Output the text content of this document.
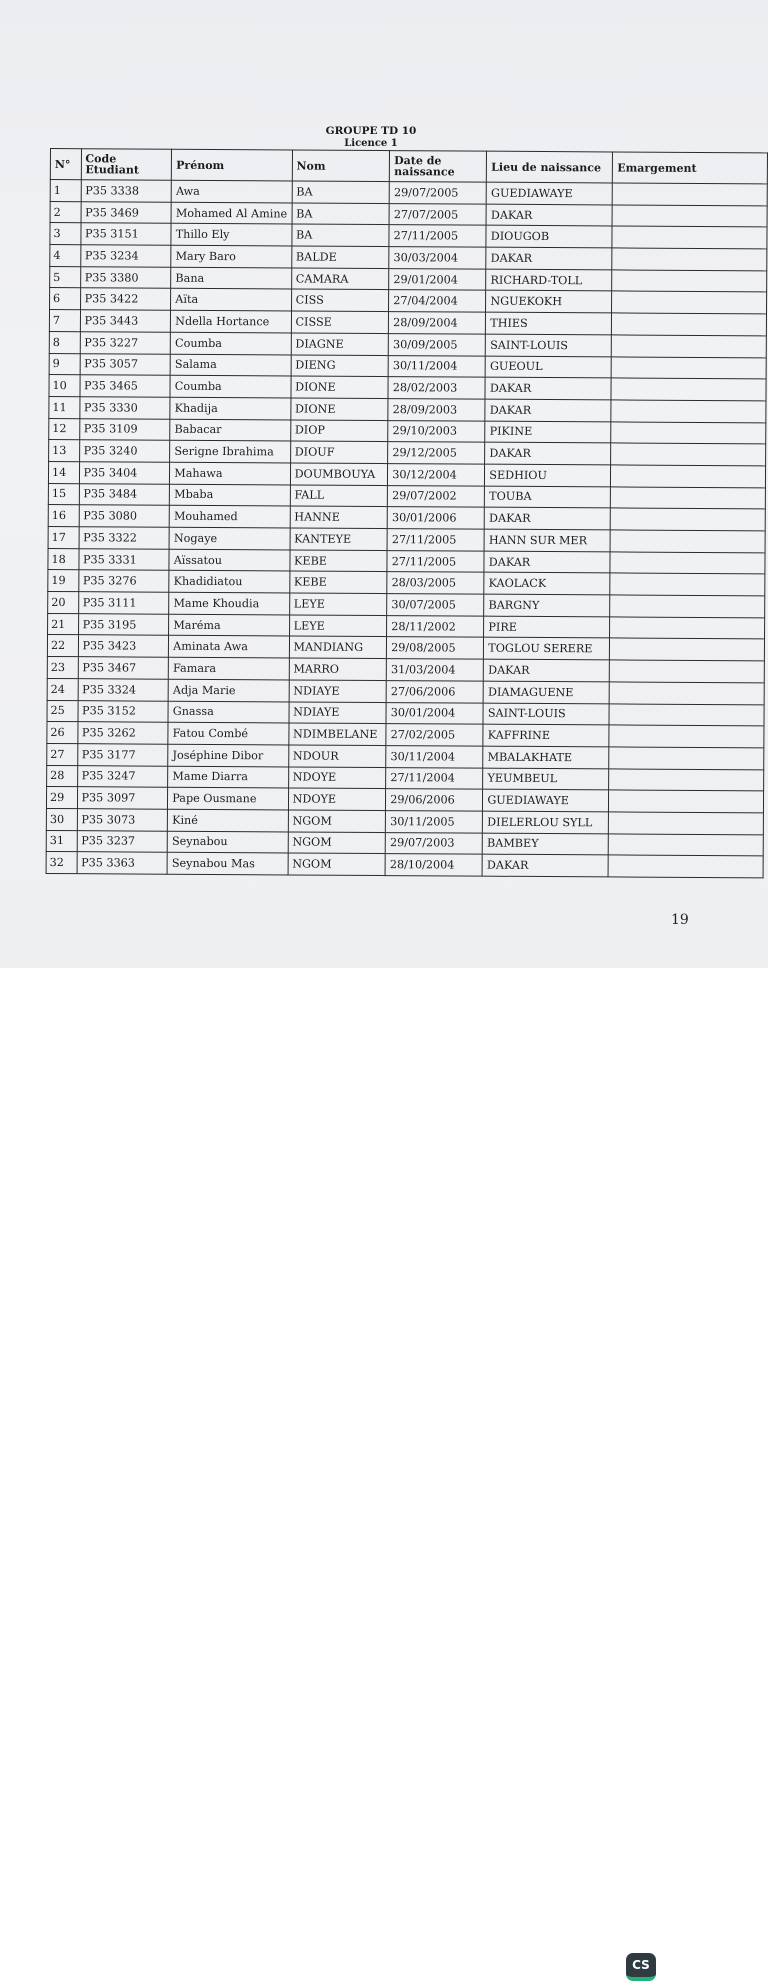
GROUPE TD 10
Licence 1
N°	Code Etudiant	Prénom	Nom	Date de naissance	Lieu de naissance	Emargement
1	P35 3338	Awa	BA	29/07/2005	GUEDIAWAYE	
2	P35 3469	Mohamed Al Amine	BA	27/07/2005	DAKAR	
3	P35 3151	Thillo Ely	BA	27/11/2005	DIOUGOB	
4	P35 3234	Mary Baro	BALDE	30/03/2004	DAKAR	
5	P35 3380	Bana	CAMARA	29/01/2004	RICHARD-TOLL	
6	P35 3422	Aïta	CISS	27/04/2004	NGUEKOKH	
7	P35 3443	Ndella Hortance	CISSE	28/09/2004	THIES	
8	P35 3227	Coumba	DIAGNE	30/09/2005	SAINT-LOUIS	
9	P35 3057	Salama	DIENG	30/11/2004	GUEOUL	
10	P35 3465	Coumba	DIONE	28/02/2003	DAKAR	
11	P35 3330	Khadija	DIONE	28/09/2003	DAKAR	
12	P35 3109	Babacar	DIOP	29/10/2003	PIKINE	
13	P35 3240	Serigne Ibrahima	DIOUF	29/12/2005	DAKAR	
14	P35 3404	Mahawa	DOUMBOUYA	30/12/2004	SEDHIOU	
15	P35 3484	Mbaba	FALL	29/07/2002	TOUBA	
16	P35 3080	Mouhamed	HANNE	30/01/2006	DAKAR	
17	P35 3322	Nogaye	KANTEYE	27/11/2005	HANN SUR MER	
18	P35 3331	Aïssatou	KEBE	27/11/2005	DAKAR	
19	P35 3276	Khadidiatou	KEBE	28/03/2005	KAOLACK	
20	P35 3111	Mame Khoudia	LEYE	30/07/2005	BARGNY	
21	P35 3195	Maréma	LEYE	28/11/2002	PIRE	
22	P35 3423	Aminata Awa	MANDIANG	29/08/2005	TOGLOU SERERE	
23	P35 3467	Famara	MARRO	31/03/2004	DAKAR	
24	P35 3324	Adja Marie	NDIAYE	27/06/2006	DIAMAGUENE	
25	P35 3152	Gnassa	NDIAYE	30/01/2004	SAINT-LOUIS	
26	P35 3262	Fatou Combé	NDIMBELANE	27/02/2005	KAFFRINE	
27	P35 3177	Joséphine Dibor	NDOUR	30/11/2004	MBALAKHATE	
28	P35 3247	Mame Diarra	NDOYE	27/11/2004	YEUMBEUL	
29	P35 3097	Pape Ousmane	NDOYE	29/06/2006	GUEDIAWAYE	
30	P35 3073	Kiné	NGOM	30/11/2005	DIELERLOU SYLL	
31	P35 3237	Seynabou	NGOM	29/07/2003	BAMBEY	
32	P35 3363	Seynabou Mas	NGOM	28/10/2004	DAKAR	
19
CS
